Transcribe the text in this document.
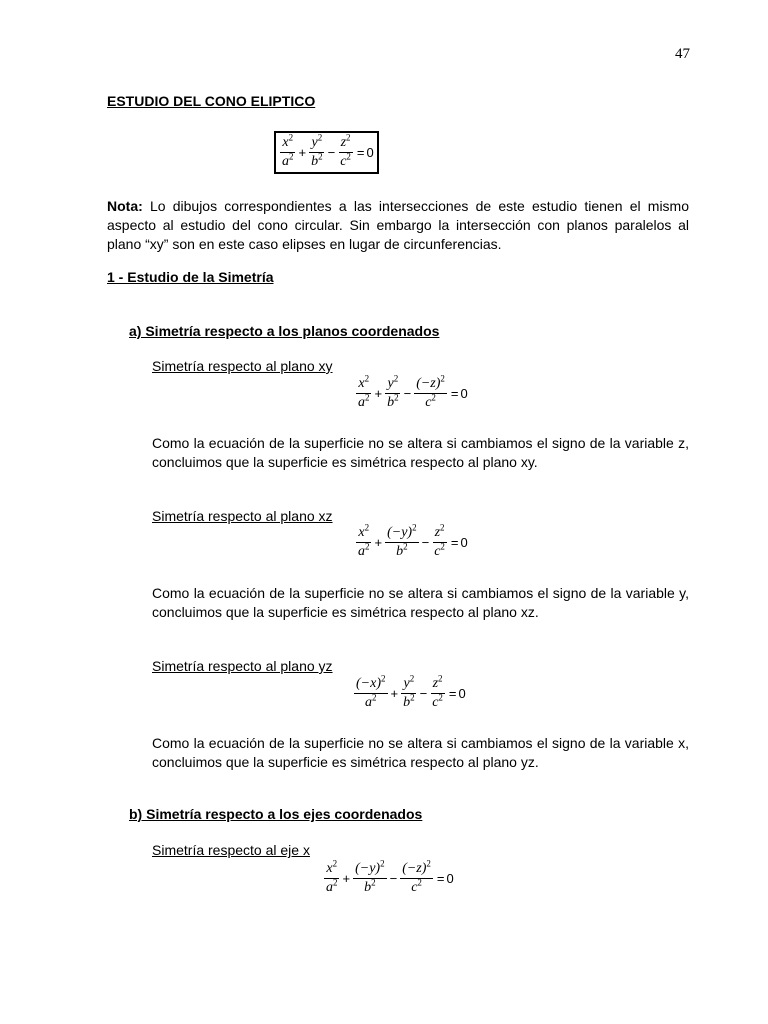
47
ESTUDIO DEL CONO ELIPTICO
$\frac{x^2}{a^2} + \frac{y^2}{b^2} - \frac{z^2}{c^2} = 0$
Nota: Lo dibujos correspondientes a las intersecciones de este estudio tienen el mismo aspecto al estudio del cono circular. Sin embargo la intersección con planos paralelos al plano “xy” son en este caso elipses en lugar de circunferencias.
1 - Estudio de la Simetría
a) Simetría respecto a los planos coordenados
Simetría respecto al plano xy
$\frac{x^2}{a^2} + \frac{y^2}{b^2} - \frac{(-z)^2}{c^2} = 0$
Como la ecuación de la superficie no se altera si cambiamos el signo de la variable z, concluimos que la superficie es simétrica respecto al plano xy.
Simetría respecto al plano xz
$\frac{x^2}{a^2} + \frac{(-y)^2}{b^2} - \frac{z^2}{c^2} = 0$
Como la ecuación de la superficie no se altera si cambiamos el signo de la variable y, concluimos que la superficie es simétrica respecto al plano xz.
Simetría respecto al plano yz
$\frac{(-x)^2}{a^2} + \frac{y^2}{b^2} - \frac{z^2}{c^2} = 0$
Como la ecuación de la superficie no se altera si cambiamos el signo de la variable x, concluimos que la superficie es simétrica respecto al plano yz.
b) Simetría respecto a los ejes coordenados
Simetría respecto al eje x
$\frac{x^2}{a^2} + \frac{(-y)^2}{b^2} - \frac{(-z)^2}{c^2} = 0$
